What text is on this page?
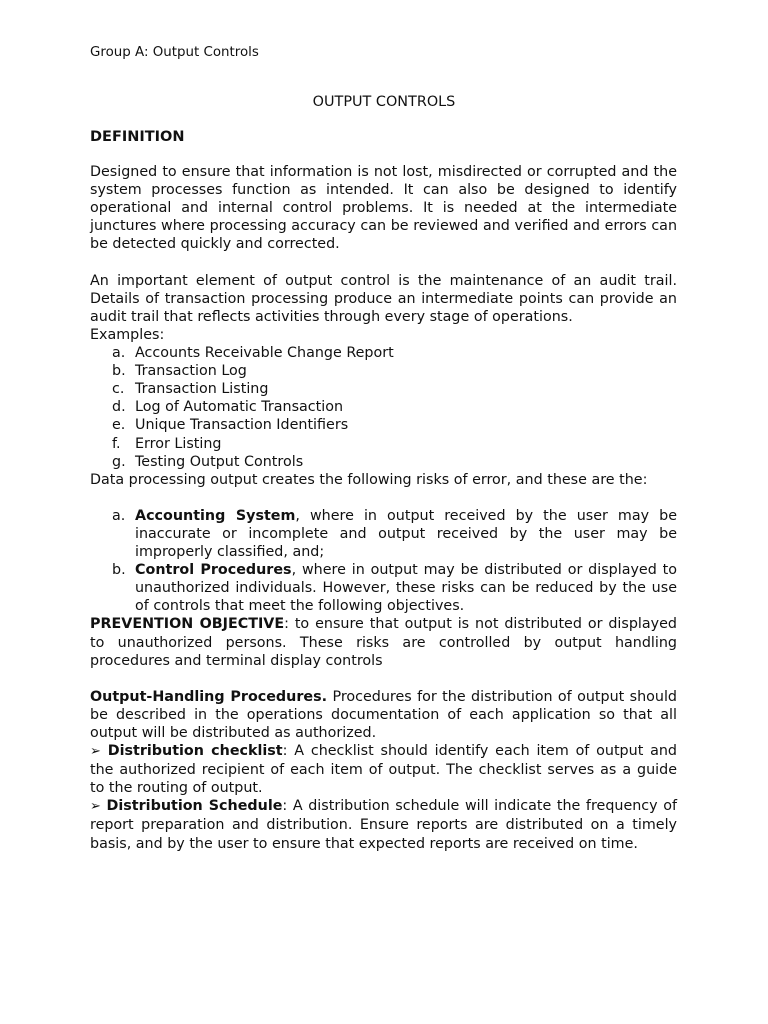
Group A: Output Controls
OUTPUT CONTROLS
DEFINITION

Designed to ensure that information is not lost, misdirected or corrupted and the system processes function as intended. It can also be designed to identify operational and internal control problems. It is needed at the intermediate junctures where processing accuracy can be reviewed and verified and errors can be detected quickly and corrected.

An important element of output control is the maintenance of an audit trail. Details of transaction processing produce an intermediate points can provide an audit trail that reflects activities through every stage of operations.

Examples:

a. Accounts Receivable Change Report
b. Transaction Log
c. Transaction Listing
d. Log of Automatic Transaction
e. Unique Transaction Identifiers
f. Error Listing
g. Testing Output Controls

Data processing output creates the following risks of error, and these are the:

a. Accounting System, where in output received by the user may be inaccurate or incomplete and output received by the user may be improperly classified, and;
b. Control Procedures, where in output may be distributed or displayed to unauthorized individuals. However, these risks can be reduced by the use of controls that meet the following objectives.

PREVENTION OBJECTIVE: to ensure that output is not distributed or displayed to unauthorized persons. These risks are controlled by output handling procedures and terminal display controls

Output-Handling Procedures. Procedures for the distribution of output should be described in the operations documentation of each application so that all output will be distributed as authorized.

➢ Distribution checklist: A checklist should identify each item of output and the authorized recipient of each item of output. The checklist serves as a guide to the routing of output.

➢ Distribution Schedule: A distribution schedule will indicate the frequency of report preparation and distribution. Ensure reports are distributed on a timely basis, and by the user to ensure that expected reports are received on time.
